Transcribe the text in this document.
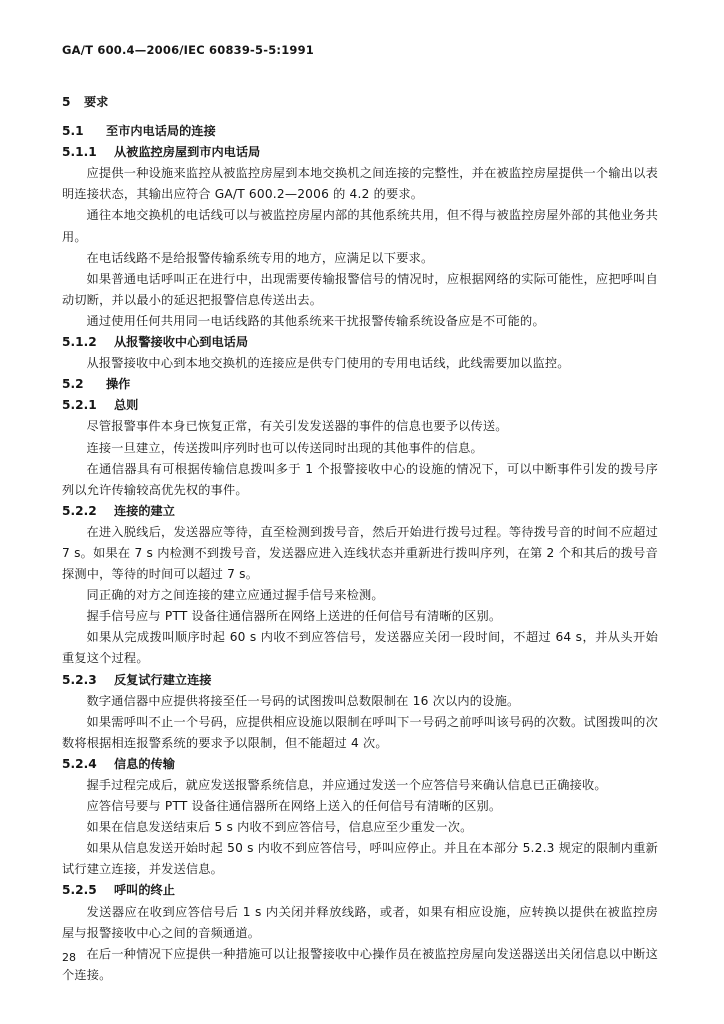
GA/T 600.4—2006/IEC 60839-5-5:1991
5 要求
5.1 至市内电话局的连接
5.1.1 从被监控房屋到市内电话局

应提供一种设施来监控从被监控房屋到本地交换机之间连接的完整性，并在被监控房屋提供一个输出以表明连接状态，其输出应符合 GA/T 600.2—2006 的 4.2 的要求。

通往本地交换机的电话线可以与被监控房屋内部的其他系统共用，但不得与被监控房屋外部的其他业务共用。

在电话线路不是给报警传输系统专用的地方，应满足以下要求。

如果普通电话呼叫正在进行中，出现需要传输报警信号的情况时，应根据网络的实际可能性，应把呼叫自动切断，并以最小的延迟把报警信息传送出去。

通过使用任何共用同一电话线路的其他系统来干扰报警传输系统设备应是不可能的。

5.1.2 从报警接收中心到电话局

从报警接收中心到本地交换机的连接应是供专门使用的专用电话线，此线需要加以监控。

5.2 操作
5.2.1 总则

尽管报警事件本身已恢复正常，有关引发发送器的事件的信息也要予以传送。

连接一旦建立，传送拨叫序列时也可以传送同时出现的其他事件的信息。

在通信器具有可根据传输信息拨叫多于 1 个报警接收中心的设施的情况下，可以中断事件引发的拨号序列以允许传输较高优先权的事件。

5.2.2 连接的建立

在进入脱线后，发送器应等待，直至检测到拨号音，然后开始进行拨号过程。等待拨号音的时间不应超过 7 s。如果在 7 s 内检测不到拨号音，发送器应进入连线状态并重新进行拨叫序列，在第 2 个和其后的拨号音探测中，等待的时间可以超过 7 s。

同正确的对方之间连接的建立应通过握手信号来检测。

握手信号应与 PTT 设备往通信器所在网络上送进的任何信号有清晰的区别。

如果从完成拨叫顺序时起 60 s 内收不到应答信号，发送器应关闭一段时间，不超过 64 s，并从头开始重复这个过程。

5.2.3 反复试行建立连接

数字通信器中应提供将接至任一号码的试图拨叫总数限制在 16 次以内的设施。

如果需呼叫不止一个号码，应提供相应设施以限制在呼叫下一号码之前呼叫该号码的次数。试图拨叫的次数将根据相连报警系统的要求予以限制，但不能超过 4 次。

5.2.4 信息的传输

握手过程完成后，就应发送报警系统信息，并应通过发送一个应答信号来确认信息已正确接收。

应答信号要与 PTT 设备往通信器所在网络上送入的任何信号有清晰的区别。

如果在信息发送结束后 5 s 内收不到应答信号，信息应至少重发一次。

如果从信息发送开始时起 50 s 内收不到应答信号，呼叫应停止。并且在本部分 5.2.3 规定的限制内重新试行建立连接，并发送信息。

5.2.5 呼叫的终止

发送器应在收到应答信号后 1 s 内关闭并释放线路，或者，如果有相应设施，应转换以提供在被监控房屋与报警接收中心之间的音频通道。

在后一种情况下应提供一种措施可以让报警接收中心操作员在被监控房屋向发送器送出关闭信息以中断这个连接。

28
